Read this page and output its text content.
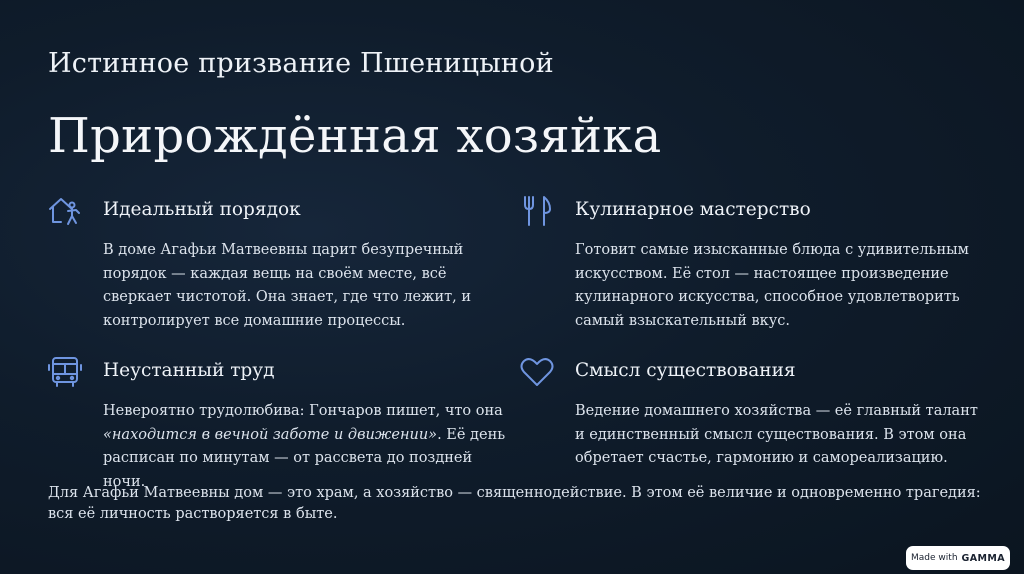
Истинное призвание Пшеницыной
Прирождённая хозяйка
Идеальный порядок
В доме Агафьи Матвеевны царит безупречный порядок — каждая вещь на своём месте, всё сверкает чистотой. Она знает, где что лежит, и контролирует все домашние процессы.
Кулинарное мастерство
Готовит самые изысканные блюда с удивительным искусством. Её стол — настоящее произведение кулинарного искусства, способное удовлетворить самый взыскательный вкус.
Неустанный труд
Невероятно трудолюбива: Гончаров пишет, что она «находится в вечной заботе и движении». Её день расписан по минутам — от рассвета до поздней ночи.
Смысл существования
Ведение домашнего хозяйства — её главный талант и единственный смысл существования. В этом она обретает счастье, гармонию и самореализацию.
Для Агафьи Матвеевны дом — это храм, а хозяйство — священнодействие. В этом её величие и одновременно трагедия: вся её личность растворяется в быте.
Made with GAMMA
